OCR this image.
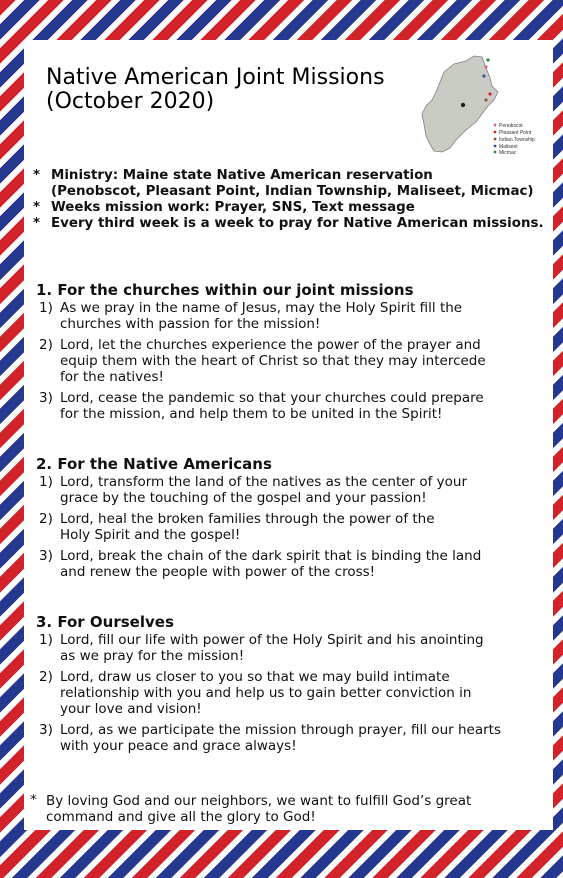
Native American Joint Missions
(October 2020)
Penobscot
Pleasant Point
Indian Township
Maliseet
Micmac
* Ministry: Maine state Native American reservation
(Penobscot, Pleasant Point, Indian Township, Maliseet, Micmac)
* Weeks mission work: Prayer, SNS, Text message
* Every third week is a week to pray for Native American missions.
1. For the churches within our joint missions
1) As we pray in the name of Jesus, may the Holy Spirit fill the
churches with passion for the mission!
2) Lord, let the churches experience the power of the prayer and
equip them with the heart of Christ so that they may intercede
for the natives!
3) Lord, cease the pandemic so that your churches could prepare
for the mission, and help them to be united in the Spirit!
2. For the Native Americans
1) Lord, transform the land of the natives as the center of your
grace by the touching of the gospel and your passion!
2) Lord, heal the broken families through the power of the
Holy Spirit and the gospel!
3) Lord, break the chain of the dark spirit that is binding the land
and renew the people with power of the cross!
3. For Ourselves
1) Lord, fill our life with power of the Holy Spirit and his anointing
as we pray for the mission!
2) Lord, draw us closer to you so that we may build intimate
relationship with you and help us to gain better conviction in
your love and vision!
3) Lord, as we participate the mission through prayer, fill our hearts
with your peace and grace always!
* By loving God and our neighbors, we want to fulfill God’s great
command and give all the glory to God!
